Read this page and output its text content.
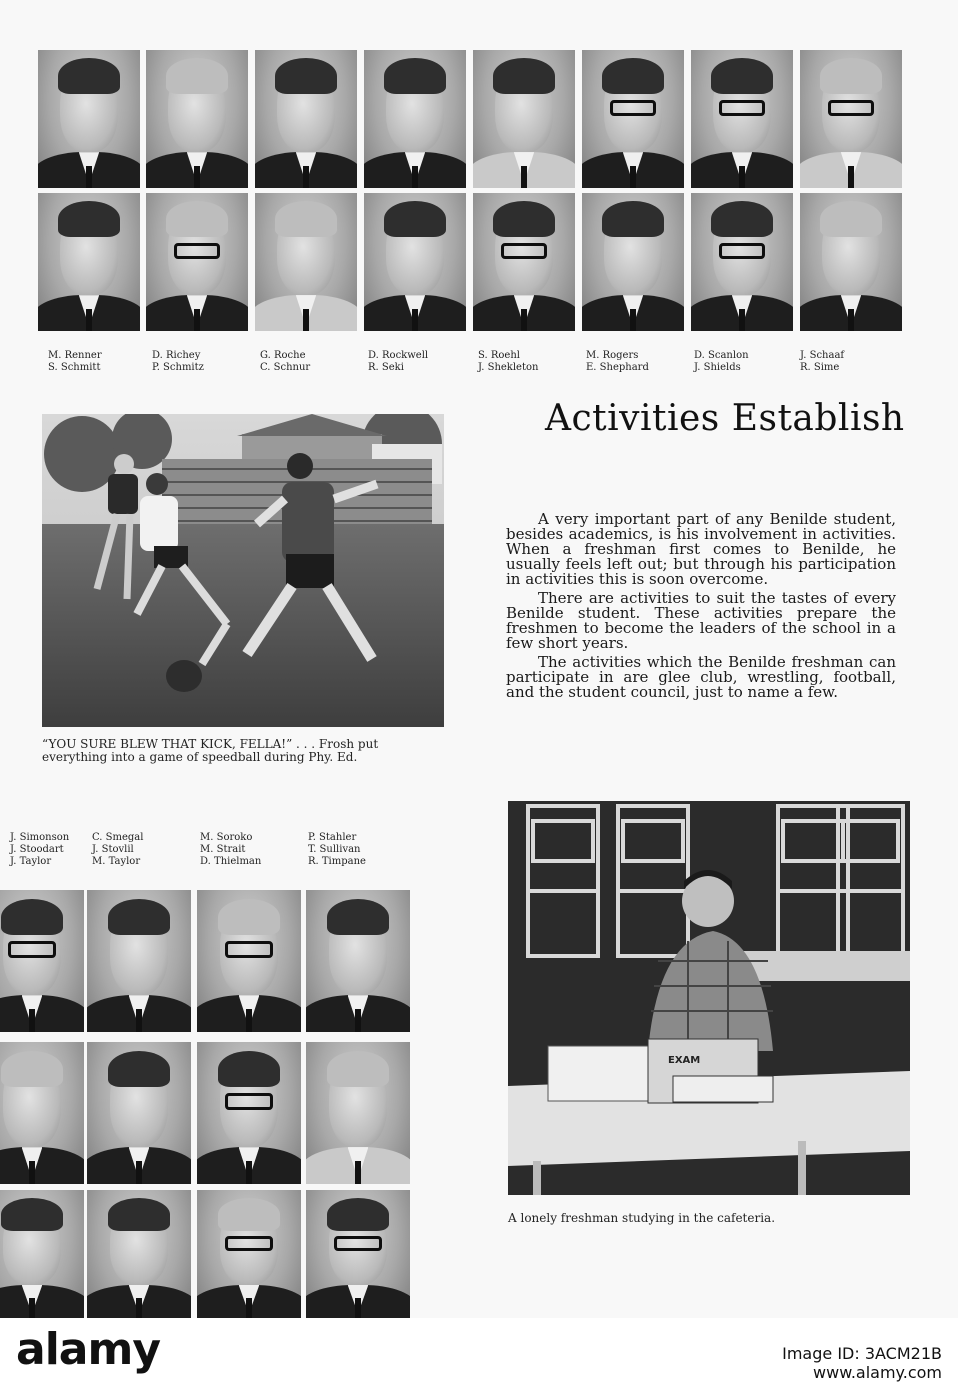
M. Renner
S. Schmitt
D. Richey
P. Schmitz
G. Roche
C. Schnur
D. Rockwell
R. Seki
S. Roehl
J. Shekleton
M. Rogers
E. Shephard
D. Scanlon
J. Shields
J. Schaaf
R. Sime
“YOU SURE BLEW THAT KICK, FELLA!” . . . Frosh put everything into a game of speedball during Phy. Ed.
Activities Establish

A very important part of any Benilde student, besides academics, is his involvement in activities. When a freshman first comes to Benilde, he usually feels left out; but through his participation in activities this is soon overcome.

There are activities to suit the tastes of every Benilde student. These activities prepare the freshmen to become the leaders of the school in a few short years.

The activities which the Benilde freshman can participate in are glee club, wrestling, football, and the student council, just to name a few.

J. Simonson
J. Stoodart
J. Taylor
C. Smegal
J. Stovlil
M. Taylor
M. Soroko
M. Strait
D. Thielman
P. Stahler
T. Sullivan
R. Timpane
EXAM
A lonely freshman studying in the cafeteria.
alamy	Image ID: 3ACM21B
www.alamy.com
